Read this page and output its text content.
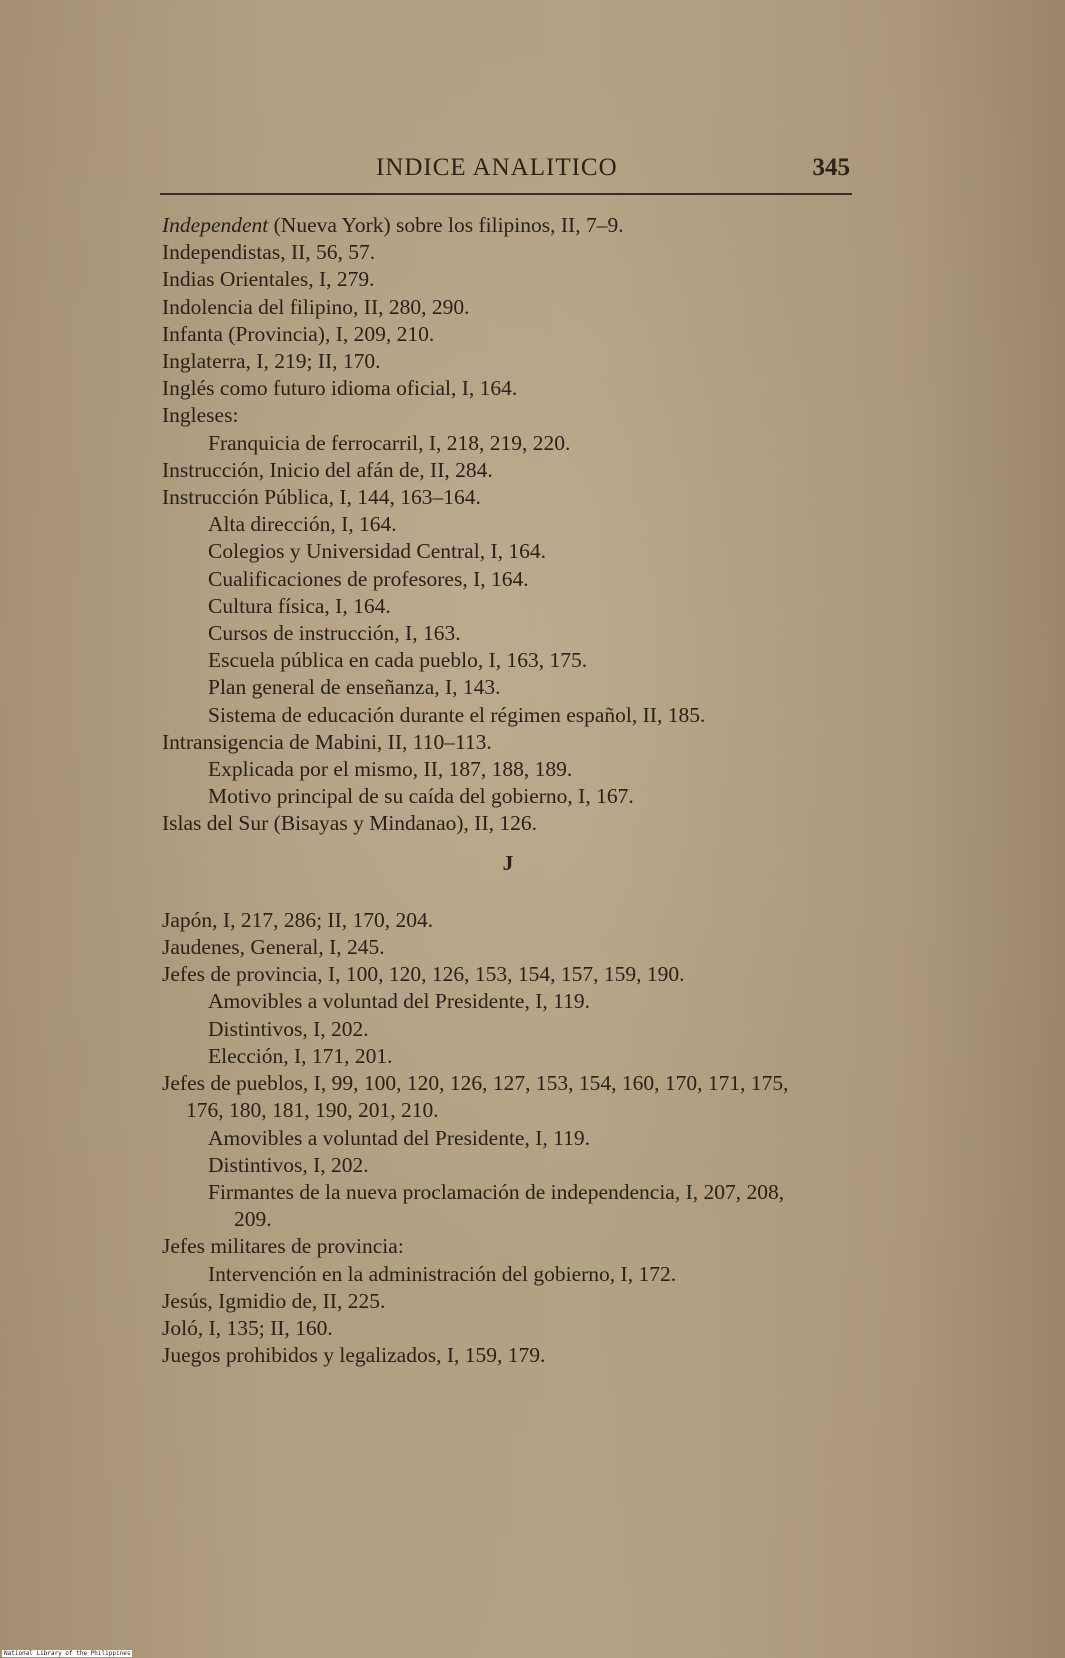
INDICE ANALITICO	345
Independent (Nueva York) sobre los filipinos, II, 7–9.
Independistas, II, 56, 57.
Indias Orientales, I, 279.
Indolencia del filipino, II, 280, 290.
Infanta (Provincia), I, 209, 210.
Inglaterra, I, 219; II, 170.
Inglés como futuro idioma oficial, I, 164.
Ingleses:
Franquicia de ferrocarril, I, 218, 219, 220.
Instrucción, Inicio del afán de, II, 284.
Instrucción Pública, I, 144, 163–164.
Alta dirección, I, 164.
Colegios y Universidad Central, I, 164.
Cualificaciones de profesores, I, 164.
Cultura física, I, 164.
Cursos de instrucción, I, 163.
Escuela pública en cada pueblo, I, 163, 175.
Plan general de enseñanza, I, 143.
Sistema de educación durante el régimen español, II, 185.
Intransigencia de Mabini, II, 110–113.
Explicada por el mismo, II, 187, 188, 189.
Motivo principal de su caída del gobierno, I, 167.
Islas del Sur (Bisayas y Mindanao), II, 126.
J
Japón, I, 217, 286; II, 170, 204.
Jaudenes, General, I, 245.
Jefes de provincia, I, 100, 120, 126, 153, 154, 157, 159, 190.
Amovibles a voluntad del Presidente, I, 119.
Distintivos, I, 202.
Elección, I, 171, 201.
Jefes de pueblos, I, 99, 100, 120, 126, 127, 153, 154, 160, 170, 171, 175,
176, 180, 181, 190, 201, 210.
Amovibles a voluntad del Presidente, I, 119.
Distintivos, I, 202.
Firmantes de la nueva proclamación de independencia, I, 207, 208,
209.
Jefes militares de provincia:
Intervención en la administración del gobierno, I, 172.
Jesús, Igmidio de, II, 225.
Joló, I, 135; II, 160.
Juegos prohibidos y legalizados, I, 159, 179.
National Library of the Philippines
